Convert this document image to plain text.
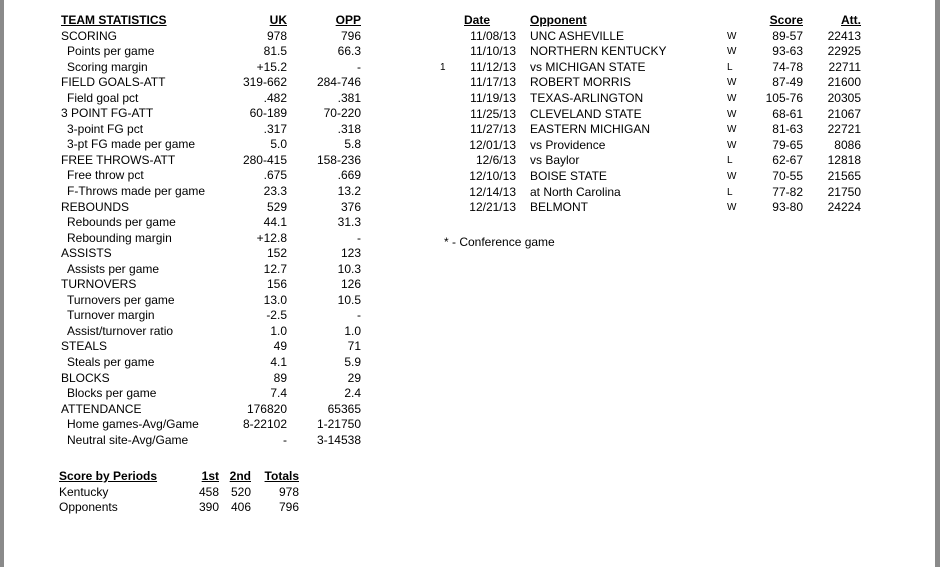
TEAM STATISTICS	UK	OPP
SCORING	978	796
Points per game	81.5	66.3
Scoring margin	+15.2	-
FIELD GOALS-ATT	319-662 284-746
Field goal pct	.482	.381
3 POINT FG-ATT	60-189	70-220
3-point FG pct	.317	.318
3-pt FG made per game	5.0	5.8
FREE THROWS-ATT	280-415 158-236
Free throw pct	.675	.669
F-Throws made per game	23.3	13.2
REBOUNDS	529	376
Rebounds per game	44.1	31.3
Rebounding margin	+12.8	-
ASSISTS	152	123
Assists per game	12.7	10.3
TURNOVERS	156	126
Turnovers per game	13.0	10.5
Turnover margin	-2.5	-
Assist/turnover ratio	1.0	1.0
STEALS	49	71
Steals per game	4.1	5.9
BLOCKS	89	29
Blocks per game	7.4	2.4
ATTENDANCE	176820	65365
Home games-Avg/Game	8-22102 1-21750
Neutral site-Avg/Game	- 3-14538
Score by Periods	1st 2nd Totals
Kentucky	458 520 978
Opponents	390 406 796
Date	Opponent	Score	Att.
11/08/13 UNC ASHEVILLE	W	89-57 22413
11/10/13 NORTHERN KENTUCKY	W	93-63 22925
1 11/12/13 vs MICHIGAN STATE	L	74-78 22711
11/17/13 ROBERT MORRIS	W	87-49 21600
11/19/13 TEXAS-ARLINGTON	W 105-76 20305
11/25/13 CLEVELAND STATE	W	68-61 21067
11/27/13 EASTERN MICHIGAN	W	81-63 22721
12/01/13 vs Providence	W	79-65	8086
12/6/13 vs Baylor	L	62-67 12818
12/10/13 BOISE STATE	W	70-55 21565
12/14/13 at North Carolina	L	77-82 21750
12/21/13 BELMONT	W	93-80 24224
* - Conference game
